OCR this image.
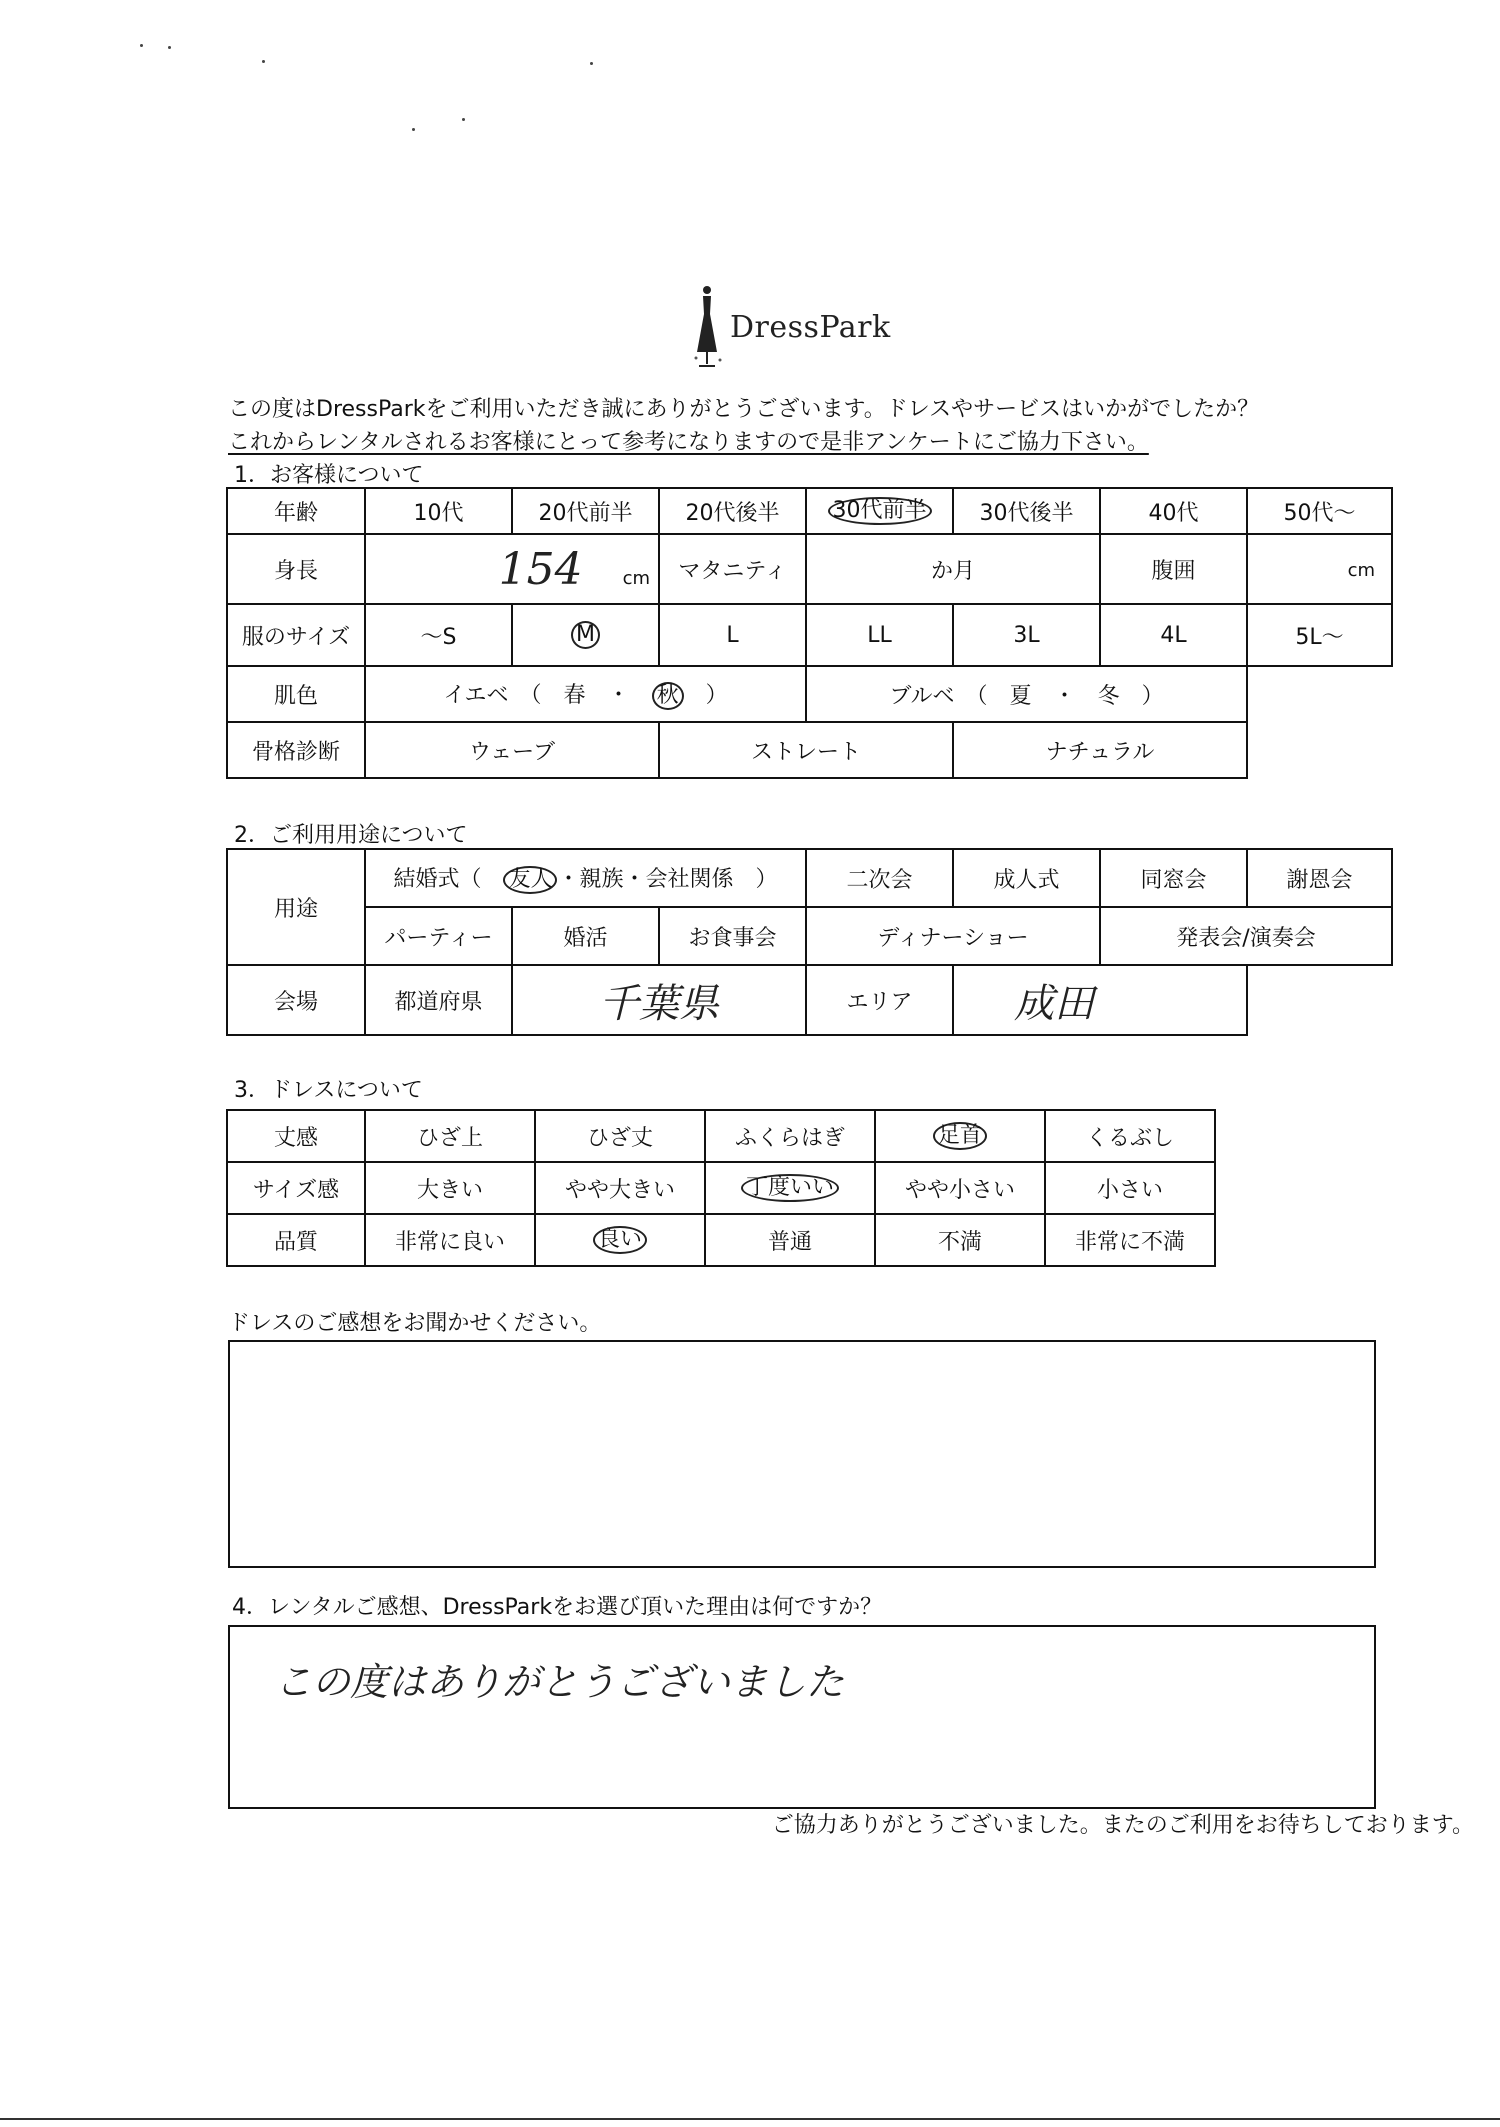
DressPark
この度はDressParkをご利用いただき誠にありがとうございます。ドレスやサービスはいかがでしたか？
これからレンタルされるお客様にとって参考になりますので是非アンケートにご協力下さい。
1．お客様について
年齢	10代	20代前半	20代後半	30代前半	30代後半	40代	50代～
身長	154 cm		マタニティ	か月		腹囲	cm
服のサイズ	～S	M	L	LL	3L	4L	5L～
肌色	イエベ　（　春　・　秋　）			ブルベ　（　夏　・　冬　）			
骨格診断	ウェーブ		ストレート		ナチュラル		
2．ご利用用途について
用途	結婚式（　友人 ・親族・会社関係　）			二次会	成人式	同窓会	謝恩会
	パーティー	婚活	お食事会	ディナーショー		発表会/演奏会	
会場	都道府県	千葉県		エリア	成田		
3．ドレスについて
丈感	ひざ上	ひざ丈	ふくらはぎ	足首	くるぶし
サイズ感	大きい	やや大きい	丁度いい	やや小さい	小さい
品質	非常に良い	良い	普通	不満	非常に不満
ドレスのご感想をお聞かせください。
4．レンタルご感想、DressParkをお選び頂いた理由は何ですか？
この度はありがとうございました
ご協力ありがとうございました。またのご利用をお待ちしております。
